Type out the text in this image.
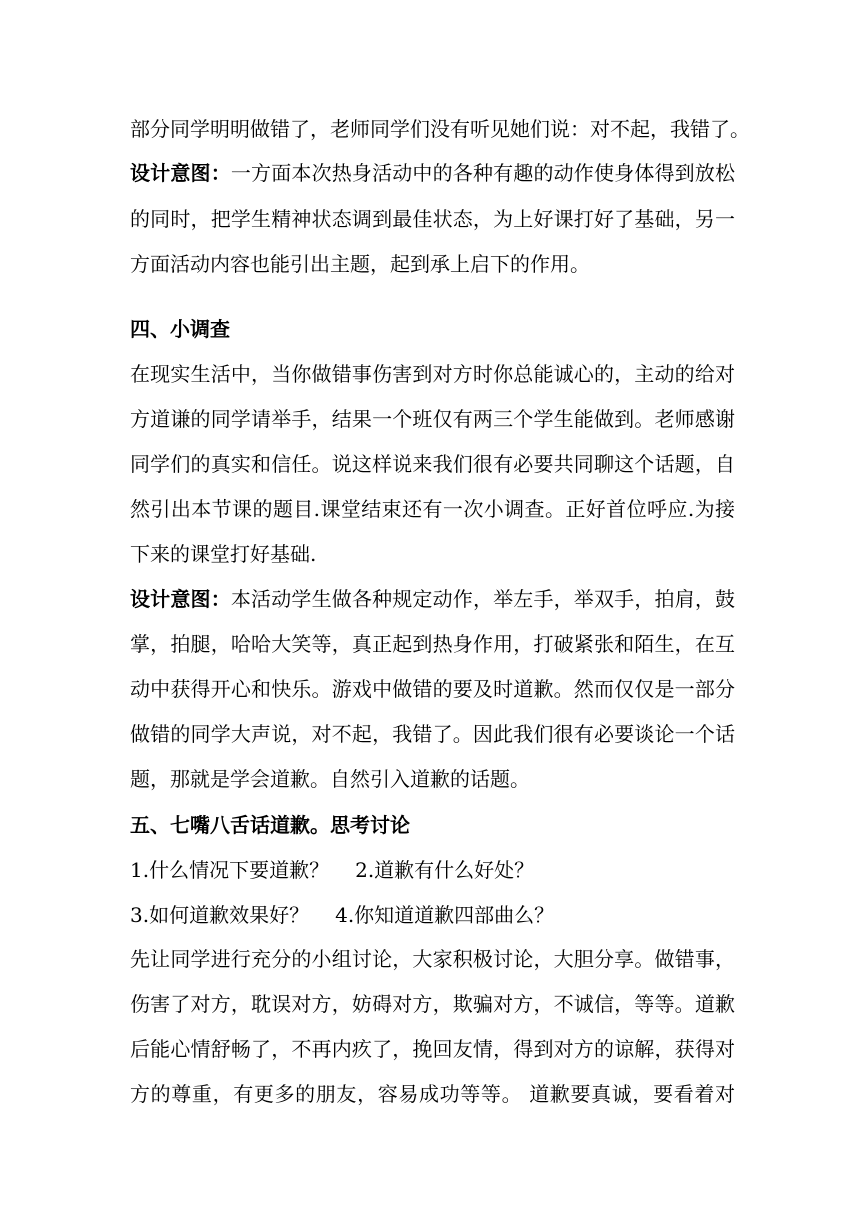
部分同学明明做错了，老师同学们没有听见她们说：对不起，我错了。
设计意图：一方面本次热身活动中的各种有趣的动作使身体得到放松
的同时，把学生精神状态调到最佳状态，为上好课打好了基础，另一
方面活动内容也能引出主题，起到承上启下的作用。
四、小调查
在现实生活中，当你做错事伤害到对方时你总能诚心的，主动的给对
方道谦的同学请举手，结果一个班仅有两三个学生能做到。老师感谢
同学们的真实和信任。说这样说来我们很有必要共同聊这个话题，自
然引出本节课的题目.课堂结束还有一次小调查。正好首位呼应.为接
下来的课堂打好基础.
设计意图：本活动学生做各种规定动作，举左手，举双手，拍肩，鼓
掌，拍腿，哈哈大笑等，真正起到热身作用，打破紧张和陌生，在互
动中获得开心和快乐。游戏中做错的要及时道歉。然而仅仅是一部分
做错的同学大声说，对不起，我错了。因此我们很有必要谈论一个话
题，那就是学会道歉。自然引入道歉的话题。
五、七嘴八舌话道歉。思考讨论
1.什么情况下要道歉？ 2.道歉有什么好处？
3.如何道歉效果好？ 4.你知道道歉四部曲么？
先让同学进行充分的小组讨论，大家积极讨论，大胆分享。做错事，
伤害了对方，耽误对方，妨碍对方，欺骗对方，不诚信，等等。道歉
后能心情舒畅了，不再内疚了，挽回友情，得到对方的谅解，获得对
方的尊重，有更多的朋友，容易成功等等。 道歉要真诚，要看着对
